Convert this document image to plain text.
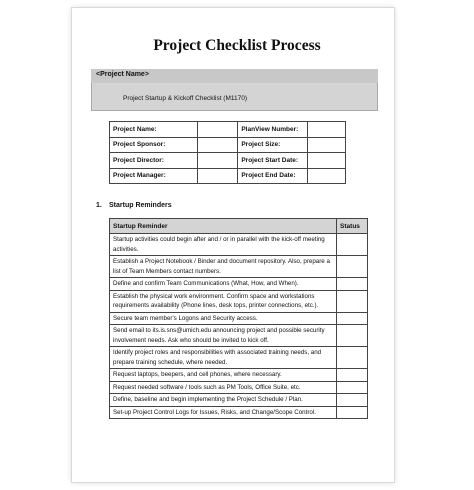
Project Checklist Process
<Project Name>
Project Startup & Kickoff Checklist (M1170)
Project Name:		PlanView Number:	
Project Sponsor:		Project Size:	
Project Director:		Project Start Date:	
Project Manager:		Project End Date:	
1. Startup Reminders
Startup Reminder	Status
Startup activities could begin after and / or in parallel with the kick-off meeting activities.	
Establish a Project Notebook / Binder and document repository. Also, prepare a list of Team Members contact numbers.	
Define and confirm Team Communications (What, How, and When).	
Establish the physical work environment. Confirm space and workstations requirements availability (Phone lines, desk tops, printer connections, etc.).	
Secure team member's Logons and Security access.	
Send email to its.is.sns@umich.edu announcing project and possible security involvement needs. Ask who should be invited to kick off.	
Identify project roles and responsibilities with associated training needs, and prepare training schedule, where needed.	
Request laptops, beepers, and cell phones, where necessary.	
Request needed software / tools such as PM Tools, Office Suite, etc.	
Define, baseline and begin implementing the Project Schedule / Plan.	
Set-up Project Control Logs for Issues, Risks, and Change/Scope Control.	
